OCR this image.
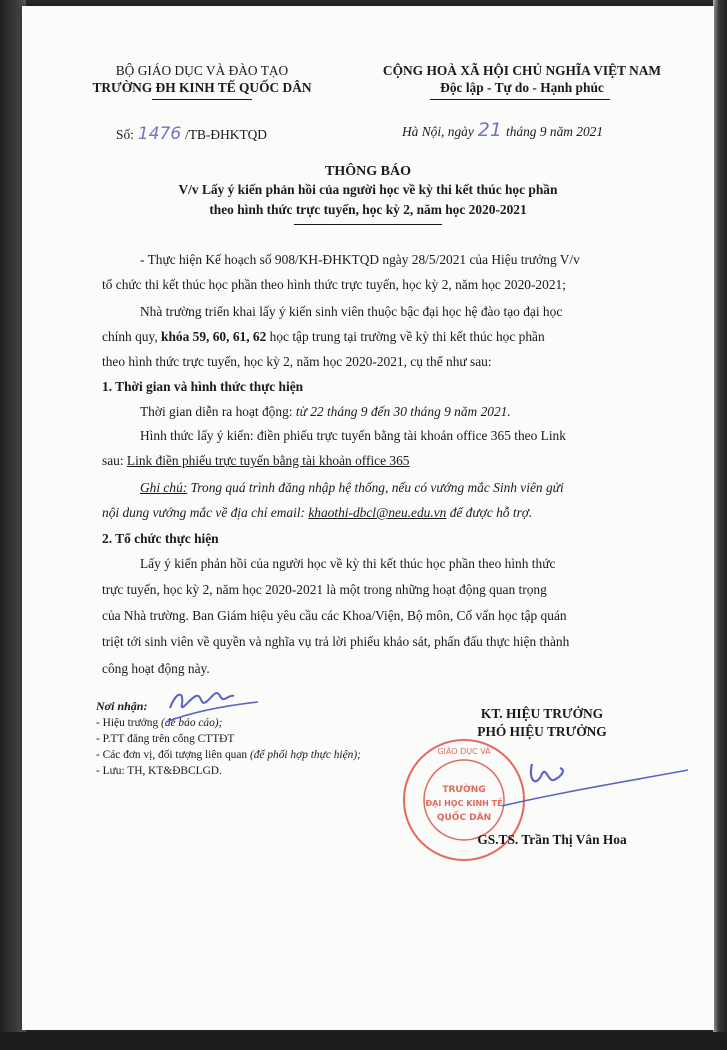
BỘ GIÁO DỤC VÀ ĐÀO TẠO
TRƯỜNG ĐH KINH TẾ QUỐC DÂN
CỘNG HOÀ XÃ HỘI CHỦ NGHĨA VIỆT NAM
Độc lập - Tự do - Hạnh phúc
Số: 1476 /TB-ĐHKTQD	Hà Nội, ngày 21 tháng 9 năm 2021
THÔNG BÁO
V/v Lấy ý kiến phản hồi của người học về kỳ thi kết thúc học phần
theo hình thức trực tuyến, học kỳ 2, năm học 2020-2021
- Thực hiện Kế hoạch số 908/KH-ĐHKTQD ngày 28/5/2021 của Hiệu trưởng V/v
tổ chức thi kết thúc học phần theo hình thức trực tuyến, học kỳ 2, năm học 2020-2021;
Nhà trường triển khai lấy ý kiến sinh viên thuộc bậc đại học hệ đào tạo đại học
chính quy, khóa 59, 60, 61, 62 học tập trung tại trường về kỳ thi kết thúc học phần
theo hình thức trực tuyến, học kỳ 2, năm học 2020-2021, cụ thể như sau:
1. Thời gian và hình thức thực hiện
Thời gian diễn ra hoạt động: từ 22 tháng 9 đến 30 tháng 9 năm 2021.
Hình thức lấy ý kiến: điền phiếu trực tuyến bằng tài khoản office 365 theo Link
sau: Link điền phiếu trực tuyến bằng tài khoản office 365
Ghi chú: Trong quá trình đăng nhập hệ thống, nếu có vướng mắc Sinh viên gửi
nội dung vướng mắc về địa chỉ email: khaothi-dbcl@neu.edu.vn để được hỗ trợ.
2. Tổ chức thực hiện
Lấy ý kiến phản hồi của người học về kỳ thi kết thúc học phần theo hình thức
trực tuyến, học kỳ 2, năm học 2020-2021 là một trong những hoạt động quan trọng
của Nhà trường. Ban Giám hiệu yêu cầu các Khoa/Viện, Bộ môn, Cố vấn học tập quán
triệt tới sinh viên về quyền và nghĩa vụ trả lời phiếu khảo sát, phấn đấu thực hiện thành
công hoạt động này.
Nơi nhận:
- Hiệu trưởng (để báo cáo);
- P.TT đăng trên cổng CTTĐT
- Các đơn vị, đối tượng liên quan (để phối hợp thực hiện);
- Lưu: TH, KT&ĐBCLGD.
KT. HIỆU TRƯỞNG
PHÓ HIỆU TRƯỞNG
GIÁO DỤC VÀ
TRƯỜNG
ĐẠI HỌC KINH TẾ
QUỐC DÂN
GS.TS. Trần Thị Vân Hoa
